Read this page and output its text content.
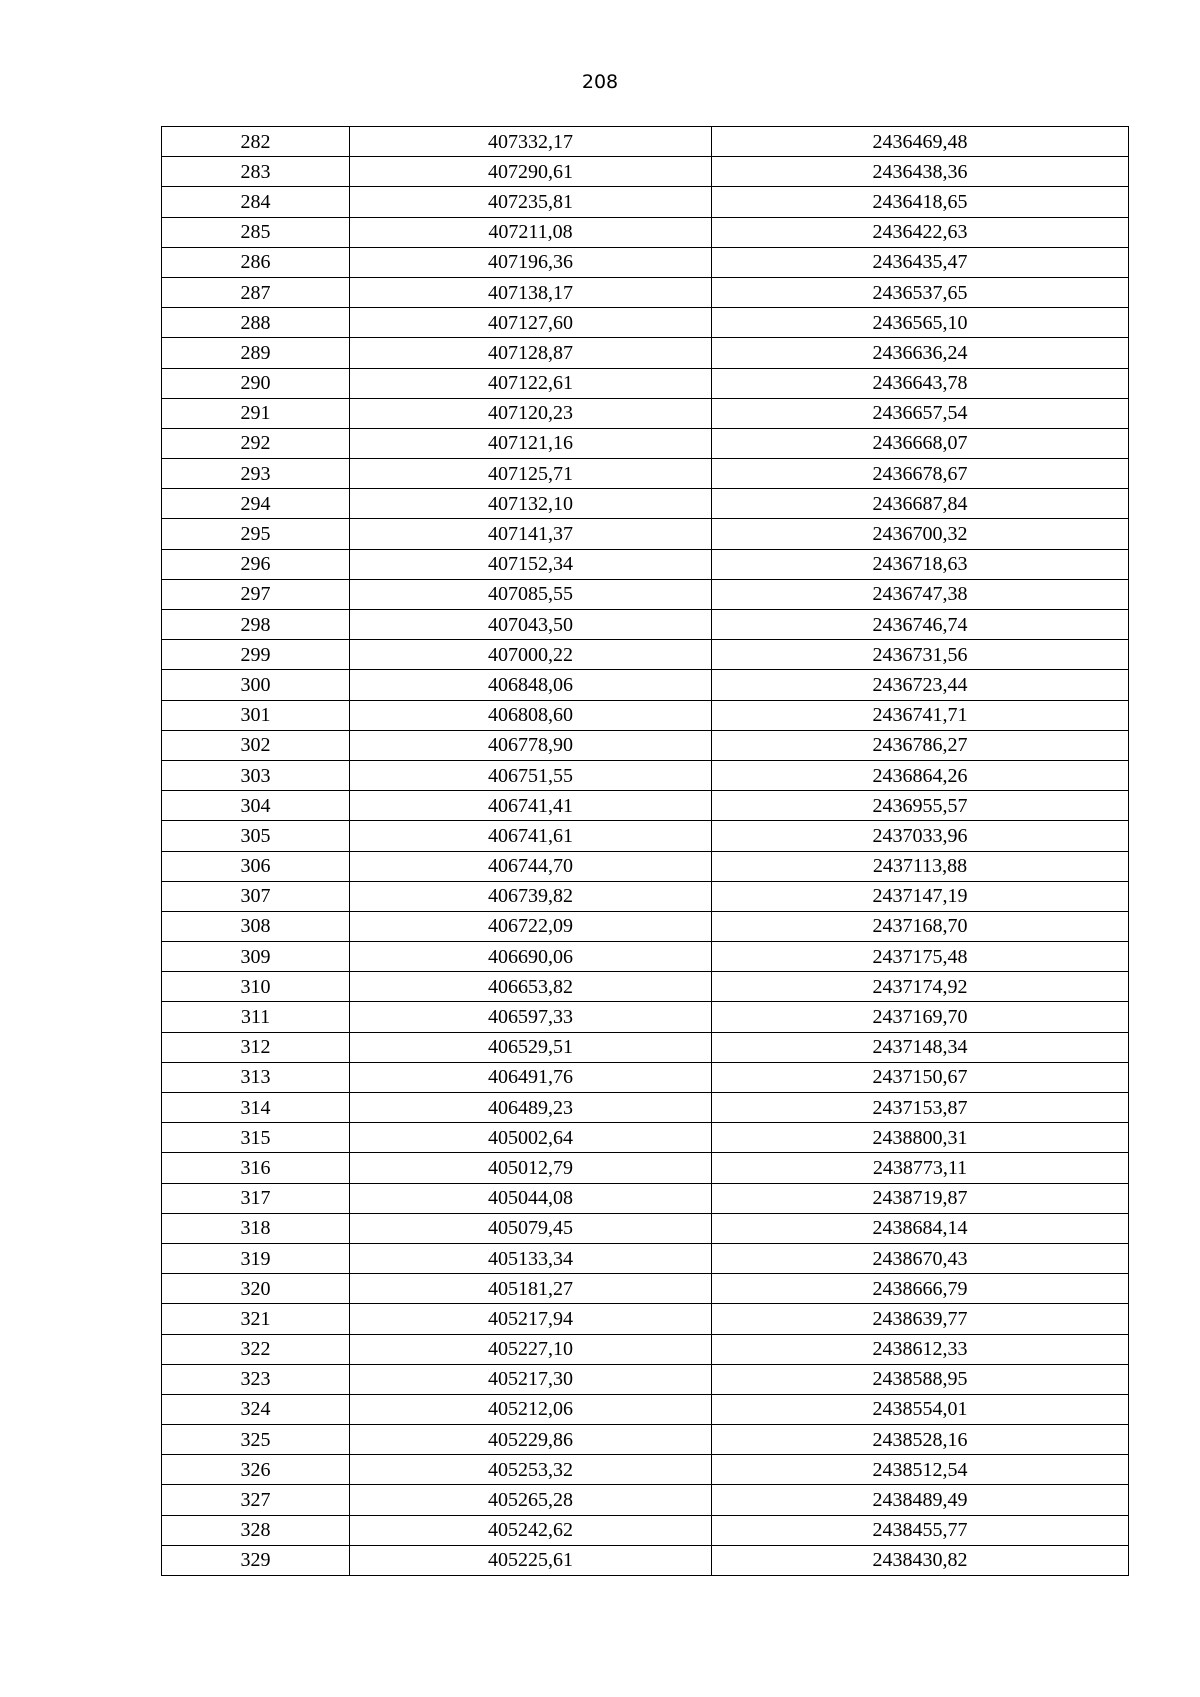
208
282	407332,17	2436469,48
283	407290,61	2436438,36
284	407235,81	2436418,65
285	407211,08	2436422,63
286	407196,36	2436435,47
287	407138,17	2436537,65
288	407127,60	2436565,10
289	407128,87	2436636,24
290	407122,61	2436643,78
291	407120,23	2436657,54
292	407121,16	2436668,07
293	407125,71	2436678,67
294	407132,10	2436687,84
295	407141,37	2436700,32
296	407152,34	2436718,63
297	407085,55	2436747,38
298	407043,50	2436746,74
299	407000,22	2436731,56
300	406848,06	2436723,44
301	406808,60	2436741,71
302	406778,90	2436786,27
303	406751,55	2436864,26
304	406741,41	2436955,57
305	406741,61	2437033,96
306	406744,70	2437113,88
307	406739,82	2437147,19
308	406722,09	2437168,70
309	406690,06	2437175,48
310	406653,82	2437174,92
311	406597,33	2437169,70
312	406529,51	2437148,34
313	406491,76	2437150,67
314	406489,23	2437153,87
315	405002,64	2438800,31
316	405012,79	2438773,11
317	405044,08	2438719,87
318	405079,45	2438684,14
319	405133,34	2438670,43
320	405181,27	2438666,79
321	405217,94	2438639,77
322	405227,10	2438612,33
323	405217,30	2438588,95
324	405212,06	2438554,01
325	405229,86	2438528,16
326	405253,32	2438512,54
327	405265,28	2438489,49
328	405242,62	2438455,77
329	405225,61	2438430,82
